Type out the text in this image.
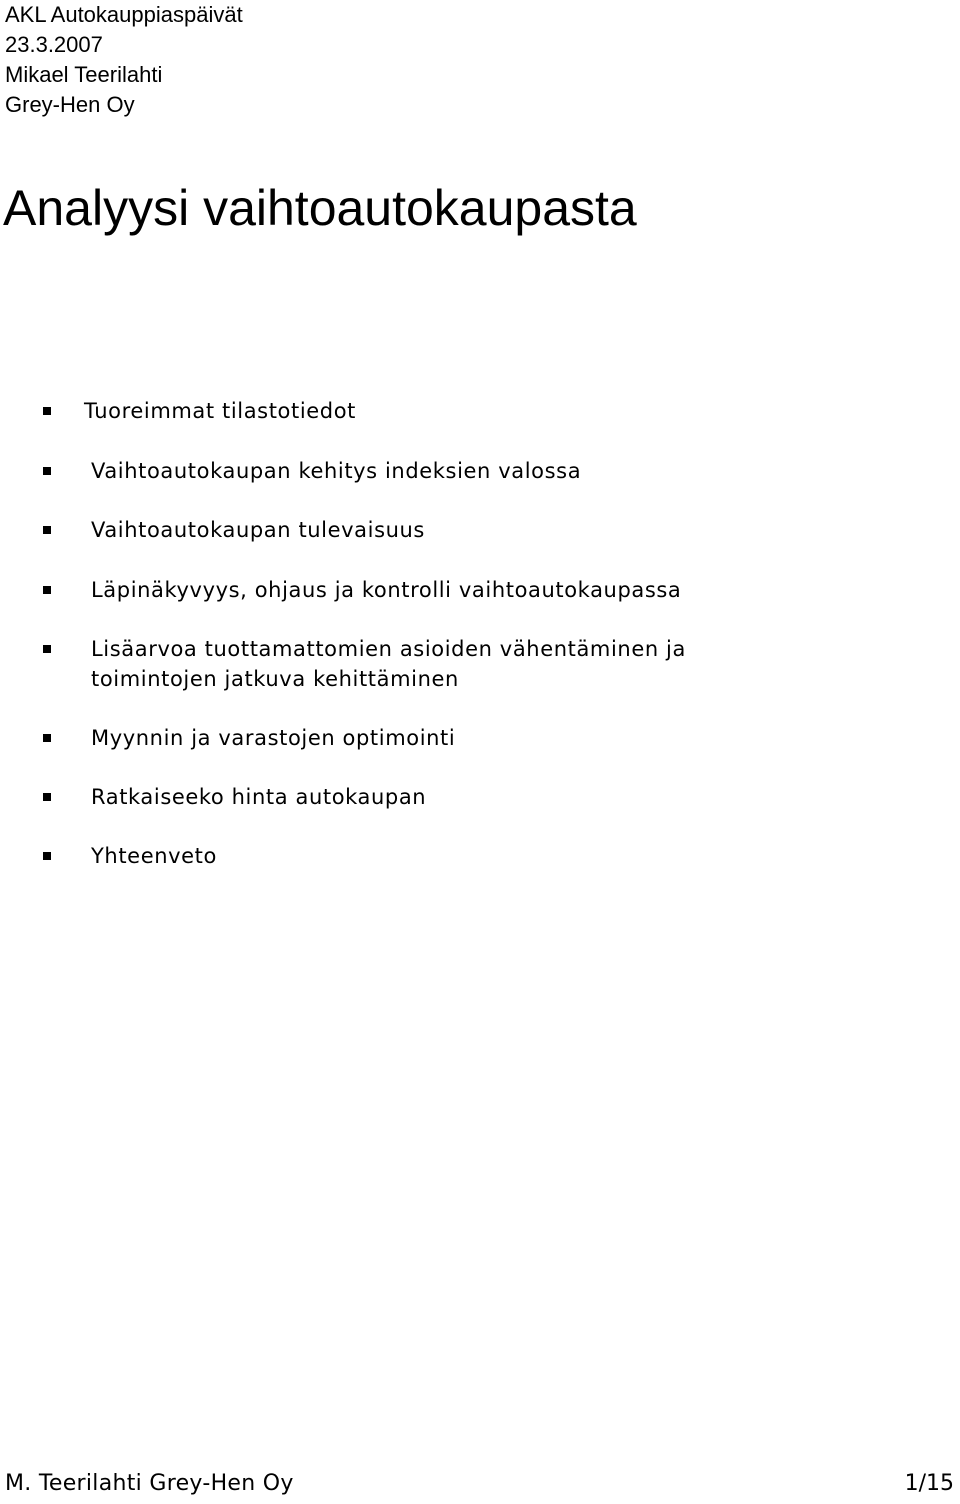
AKL Autokauppiaspäivät
23.3.2007
Mikael Teerilahti
Grey-Hen Oy
Analyysi vaihtoautokaupasta
Tuoreimmat tilastotiedot
Vaihtoautokaupan kehitys indeksien valossa
Vaihtoautokaupan tulevaisuus
Läpinäkyvyys, ohjaus ja kontrolli vaihtoautokaupassa
Lisäarvoa tuottamattomien asioiden vähentäminen ja toimintojen jatkuva kehittäminen
Myynnin ja varastojen optimointi
Ratkaiseeko hinta autokaupan
Yhteenveto
M. Teerilahti Grey-Hen Oy	1/15
